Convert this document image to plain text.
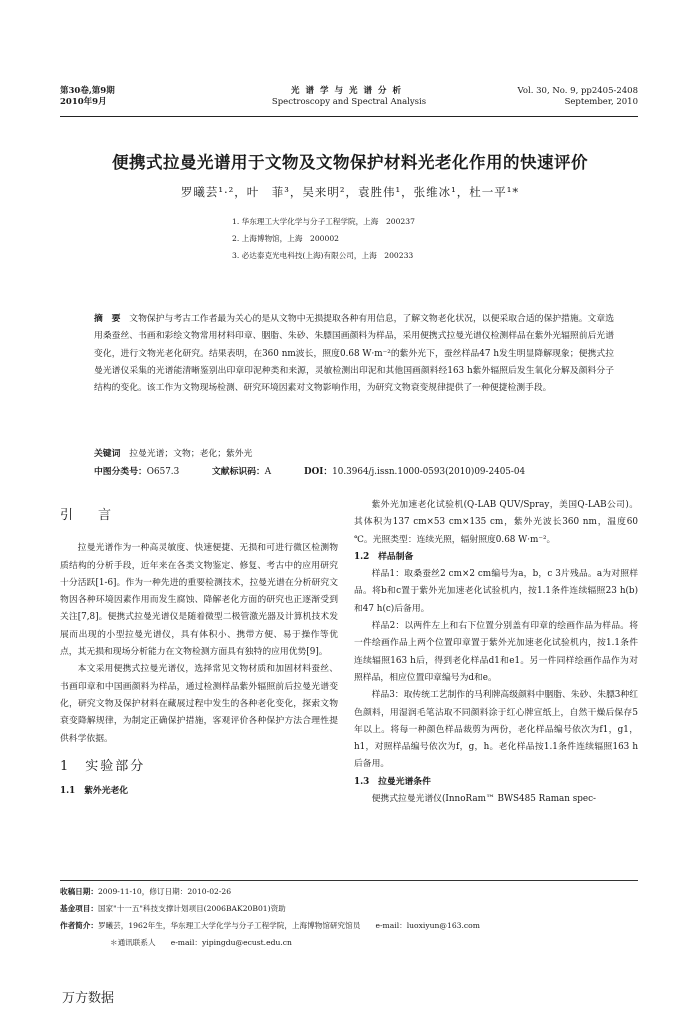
第30卷,第9期
2010年9月
光谱学与光谱分析
Spectroscopy and Spectral Analysis
Vol. 30, No. 9, pp2405-2408
September, 2010
便携式拉曼光谱用于文物及文物保护材料光老化作用的快速评价
罗曦芸¹·²，叶　菲³，吴来明²，袁胜伟¹，张维冰¹，杜一平¹*
1. 华东理工大学化学与分子工程学院，上海　200237
2. 上海博物馆，上海　200002
3. 必达泰克光电科技(上海)有限公司，上海　200233
摘　要　 文物保护与考古工作者最为关心的是从文物中无损提取各种有用信息，了解文物老化状况，以便采取合适的保护措施。文章选用桑蚕丝、书画和彩绘文物常用材料印章、胭脂、朱砂、朱膘国画颜料为样品，采用便携式拉曼光谱仪检测样品在紫外光辐照前后光谱变化，进行文物光老化研究。结果表明，在360 nm波长，照度0.68 W·m⁻²的紫外光下，蚕丝样品47 h发生明显降解现象；便携式拉曼光谱仪采集的光谱能清晰鉴别出印章印泥种类和来源，灵敏检测出印泥和其他国画颜料经163 h紫外辐照后发生氧化分解及颜料分子结构的变化。该工作为文物现场检测、研究环境因素对文物影响作用，为研究文物衰变规律提供了一种便捷检测手段。
关键词　 拉曼光谱；文物；老化；紫外光
中图分类号：O657.3	文献标识码：A	DOI：10.3964/j.issn.1000-0593(2010)09-2405-04

引　言

拉曼光谱作为一种高灵敏度、快速便捷、无损和可进行微区检测物质结构的分析手段，近年来在各类文物鉴定、修复、考古中的应用研究十分活跃[1-6]。作为一种先进的重要检测技术，拉曼光谱在分析研究文物因各种环境因素作用而发生腐蚀、降解老化方面的研究也正逐渐受到关注[7,8]。便携式拉曼光谱仪是随着微型二极管激光器及计算机技术发展而出现的小型拉曼光谱仪，具有体积小、携带方便、易于操作等优点，其无损和现场分析能力在文物检测方面具有独特的应用优势[9]。

本文采用便携式拉曼光谱仪，选择常见文物材质和加固材料蚕丝、书画印章和中国画颜料为样品，通过检测样品紫外辐照前后拉曼光谱变化，研究文物及保护材料在藏展过程中发生的各种老化变化，探索文物衰变降解规律，为制定正确保护措施，客观评价各种保护方法合理性提供科学依据。

1　实验部分

1.1　紫外光老化

紫外光加速老化试验机(Q-LAB QUV/Spray，美国Q-LAB公司)。其体积为137 cm×53 cm×135 cm，紫外光波长360 nm，温度60 ℃。光照类型：连续光照，辐射照度0.68 W·m⁻²。

1.2　样品制备

样品1：取桑蚕丝2 cm×2 cm编号为a，b，c 3片残品。a为对照样品。将b和c置于紫外光加速老化试验机内，按1.1条件连续辐照23 h(b)和47 h(c)后备用。

样品2：以两件左上和右下位置分别盖有印章的绘画作品为样品。将一件绘画作品上两个位置印章置于紫外光加速老化试验机内，按1.1条件连续辐照163 h后，得到老化样品d1和e1。另一件同样绘画作品作为对照样品，相应位置印章编号为d和e。

样品3：取传统工艺制作的马利牌高级颜料中胭脂、朱砂、朱膘3种红色颜料，用湿润毛笔沾取不同颜料涂于红心牌宣纸上，自然干燥后保存5年以上。将每一种颜色样品裁剪为两份，老化样品编号依次为f1，g1，h1，对照样品编号依次为f，g，h。老化样品按1.1条件连续辐照163 h后备用。

1.3　拉曼光谱条件

便携式拉曼光谱仪(InnoRam™ BWS485 Raman spec-

收稿日期：2009-11-10，修订日期：2010-02-26
基金项目：国家"十一五"科技支撑计划项目(2006BAK20B01)资助
作者简介：罗曦芸，1962年生，华东理工大学化学与分子工程学院，上海博物馆研究馆员　　e-mail：luoxiyun@163.com
＊通讯联系人　　e-mail：yipingdu@ecust.edu.cn
万方数据
